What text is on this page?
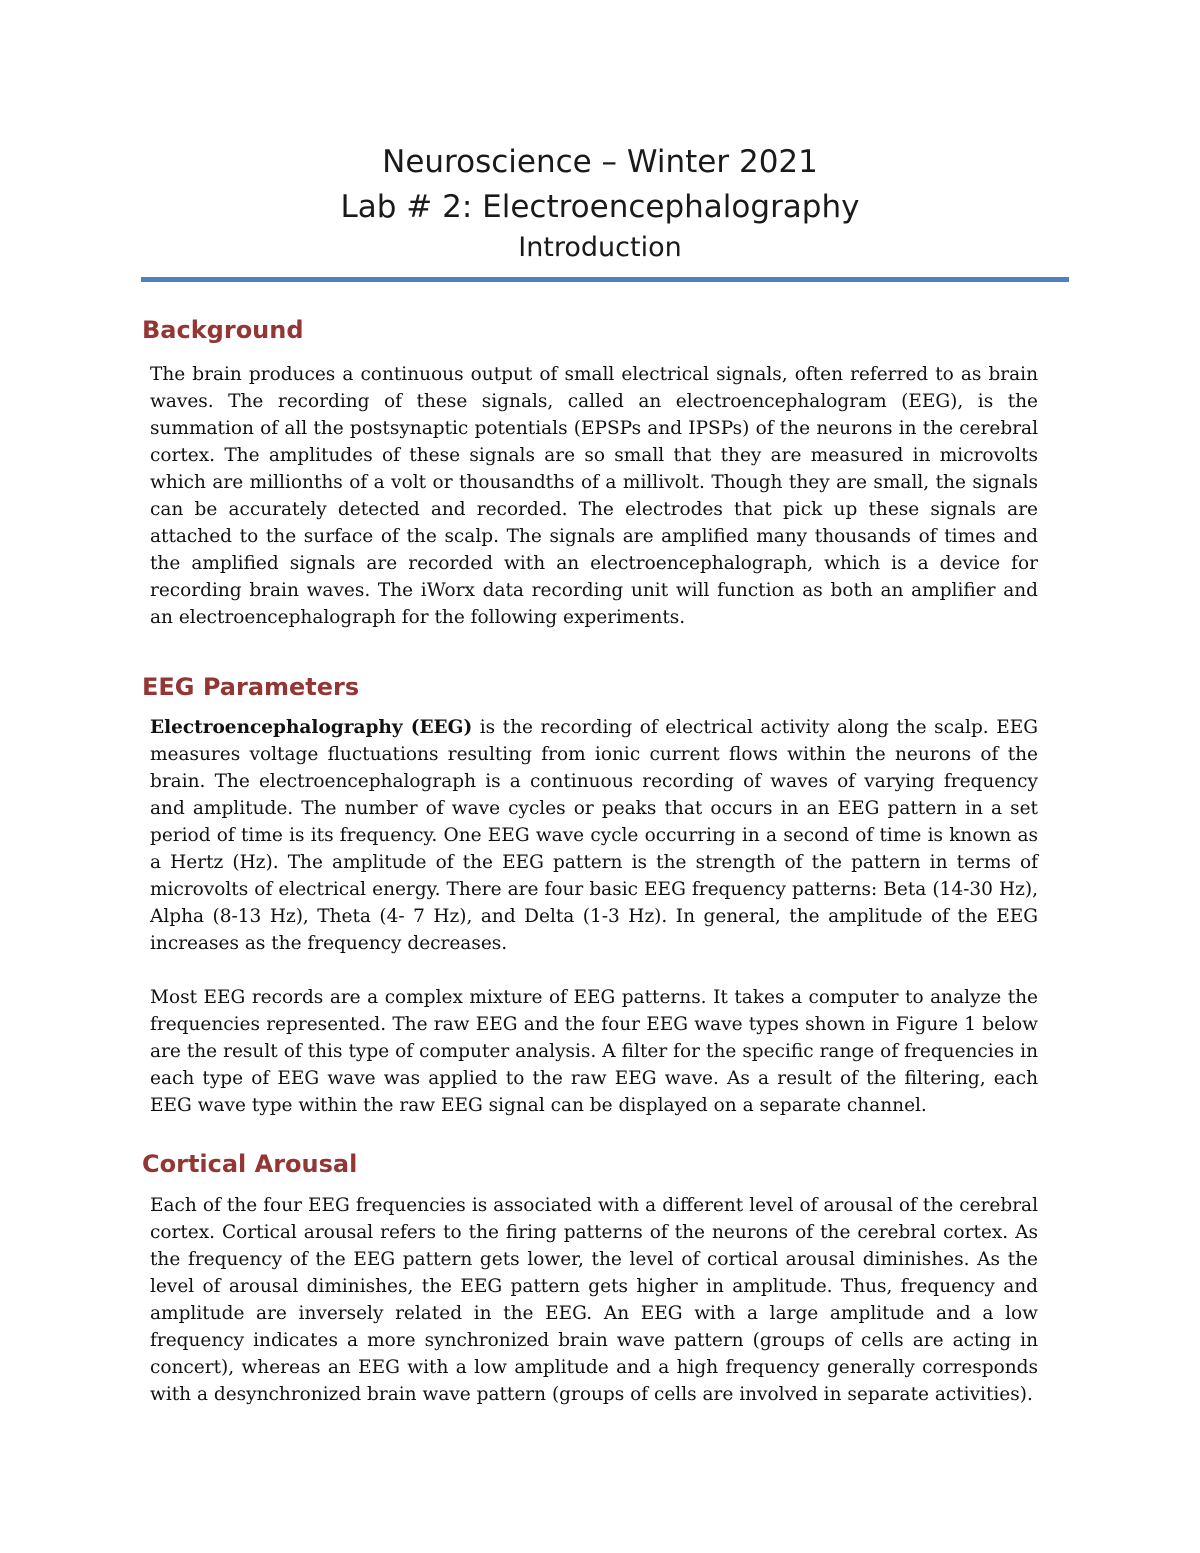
Neuroscience – Winter 2021
Lab # 2: Electroencephalography
Introduction
Background

The brain produces a continuous output of small electrical signals, often referred to as brain waves. The recording of these signals, called an electroencephalogram (EEG), is the summation of all the postsynaptic potentials (EPSPs and IPSPs) of the neurons in the cerebral cortex. The amplitudes of these signals are so small that they are measured in microvolts which are millionths of a volt or thousandths of a millivolt. Though they are small, the signals can be accurately detected and recorded. The electrodes that pick up these signals are attached to the surface of the scalp. The signals are amplified many thousands of times and the amplified signals are recorded with an electroencephalograph, which is a device for recording brain waves. The iWorx data recording unit will function as both an amplifier and an electroencephalograph for the following experiments.

EEG Parameters

Electroencephalography (EEG) is the recording of electrical activity along the scalp. EEG measures voltage fluctuations resulting from ionic current flows within the neurons of the brain. The electroencephalograph is a continuous recording of waves of varying frequency and amplitude. The number of wave cycles or peaks that occurs in an EEG pattern in a set period of time is its frequency. One EEG wave cycle occurring in a second of time is known as a Hertz (Hz). The amplitude of the EEG pattern is the strength of the pattern in terms of microvolts of electrical energy. There are four basic EEG frequency patterns: Beta (14-30 Hz), Alpha (8-13 Hz), Theta (4- 7 Hz), and Delta (1-3 Hz). In general, the amplitude of the EEG increases as the frequency decreases.

Most EEG records are a complex mixture of EEG patterns. It takes a computer to analyze the frequencies represented. The raw EEG and the four EEG wave types shown in Figure 1 below are the result of this type of computer analysis. A filter for the specific range of frequencies in each type of EEG wave was applied to the raw EEG wave. As a result of the filtering, each EEG wave type within the raw EEG signal can be displayed on a separate channel.

Cortical Arousal

Each of the four EEG frequencies is associated with a different level of arousal of the cerebral cortex. Cortical arousal refers to the firing patterns of the neurons of the cerebral cortex. As the frequency of the EEG pattern gets lower, the level of cortical arousal diminishes. As the level of arousal diminishes, the EEG pattern gets higher in amplitude. Thus, frequency and amplitude are inversely related in the EEG. An EEG with a large amplitude and a low frequency indicates a more synchronized brain wave pattern (groups of cells are acting in concert), whereas an EEG with a low amplitude and a high frequency generally corresponds with a desynchronized brain wave pattern (groups of cells are involved in separate activities).
